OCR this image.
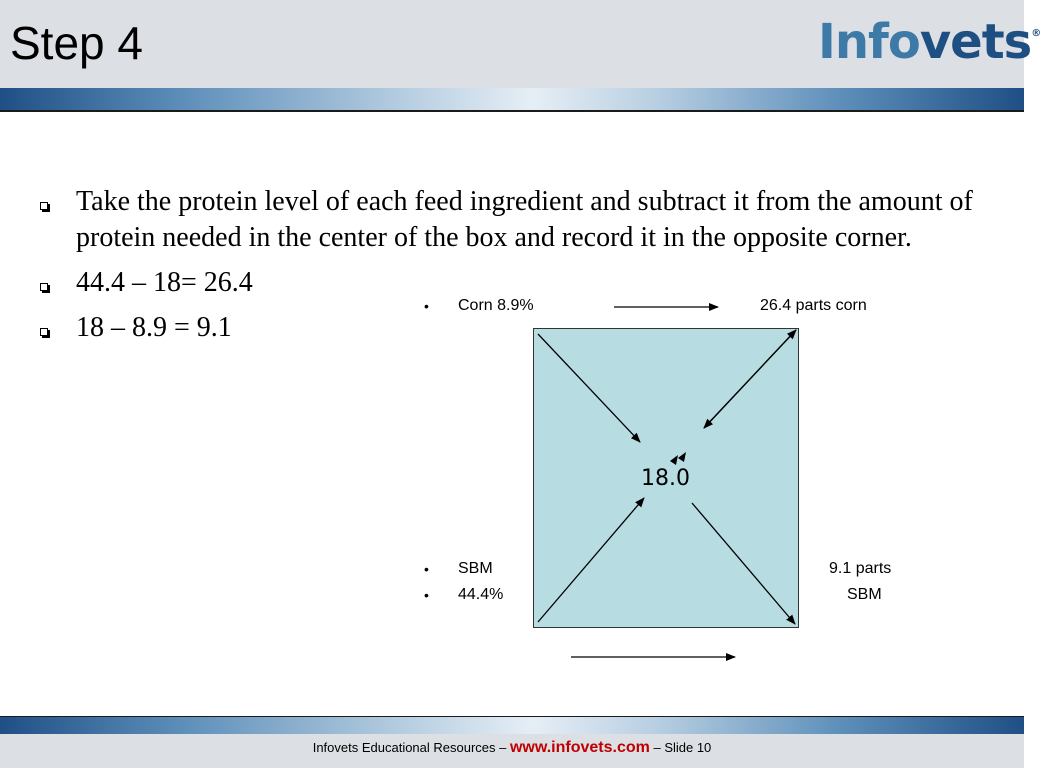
Step 4	Infovets®
Take the protein level of each feed ingredient and subtract it from the amount of protein needed in the center of the box and record it in the opposite corner.
44.4 – 18= 26.4
18 – 8.9 = 9.1
18.0
• Corn 8.9%	26.4 parts corn
• SBM
• 44.4%
9.1 parts
SBM
Infovets Educational Resources – www.infovets.com – Slide 10
